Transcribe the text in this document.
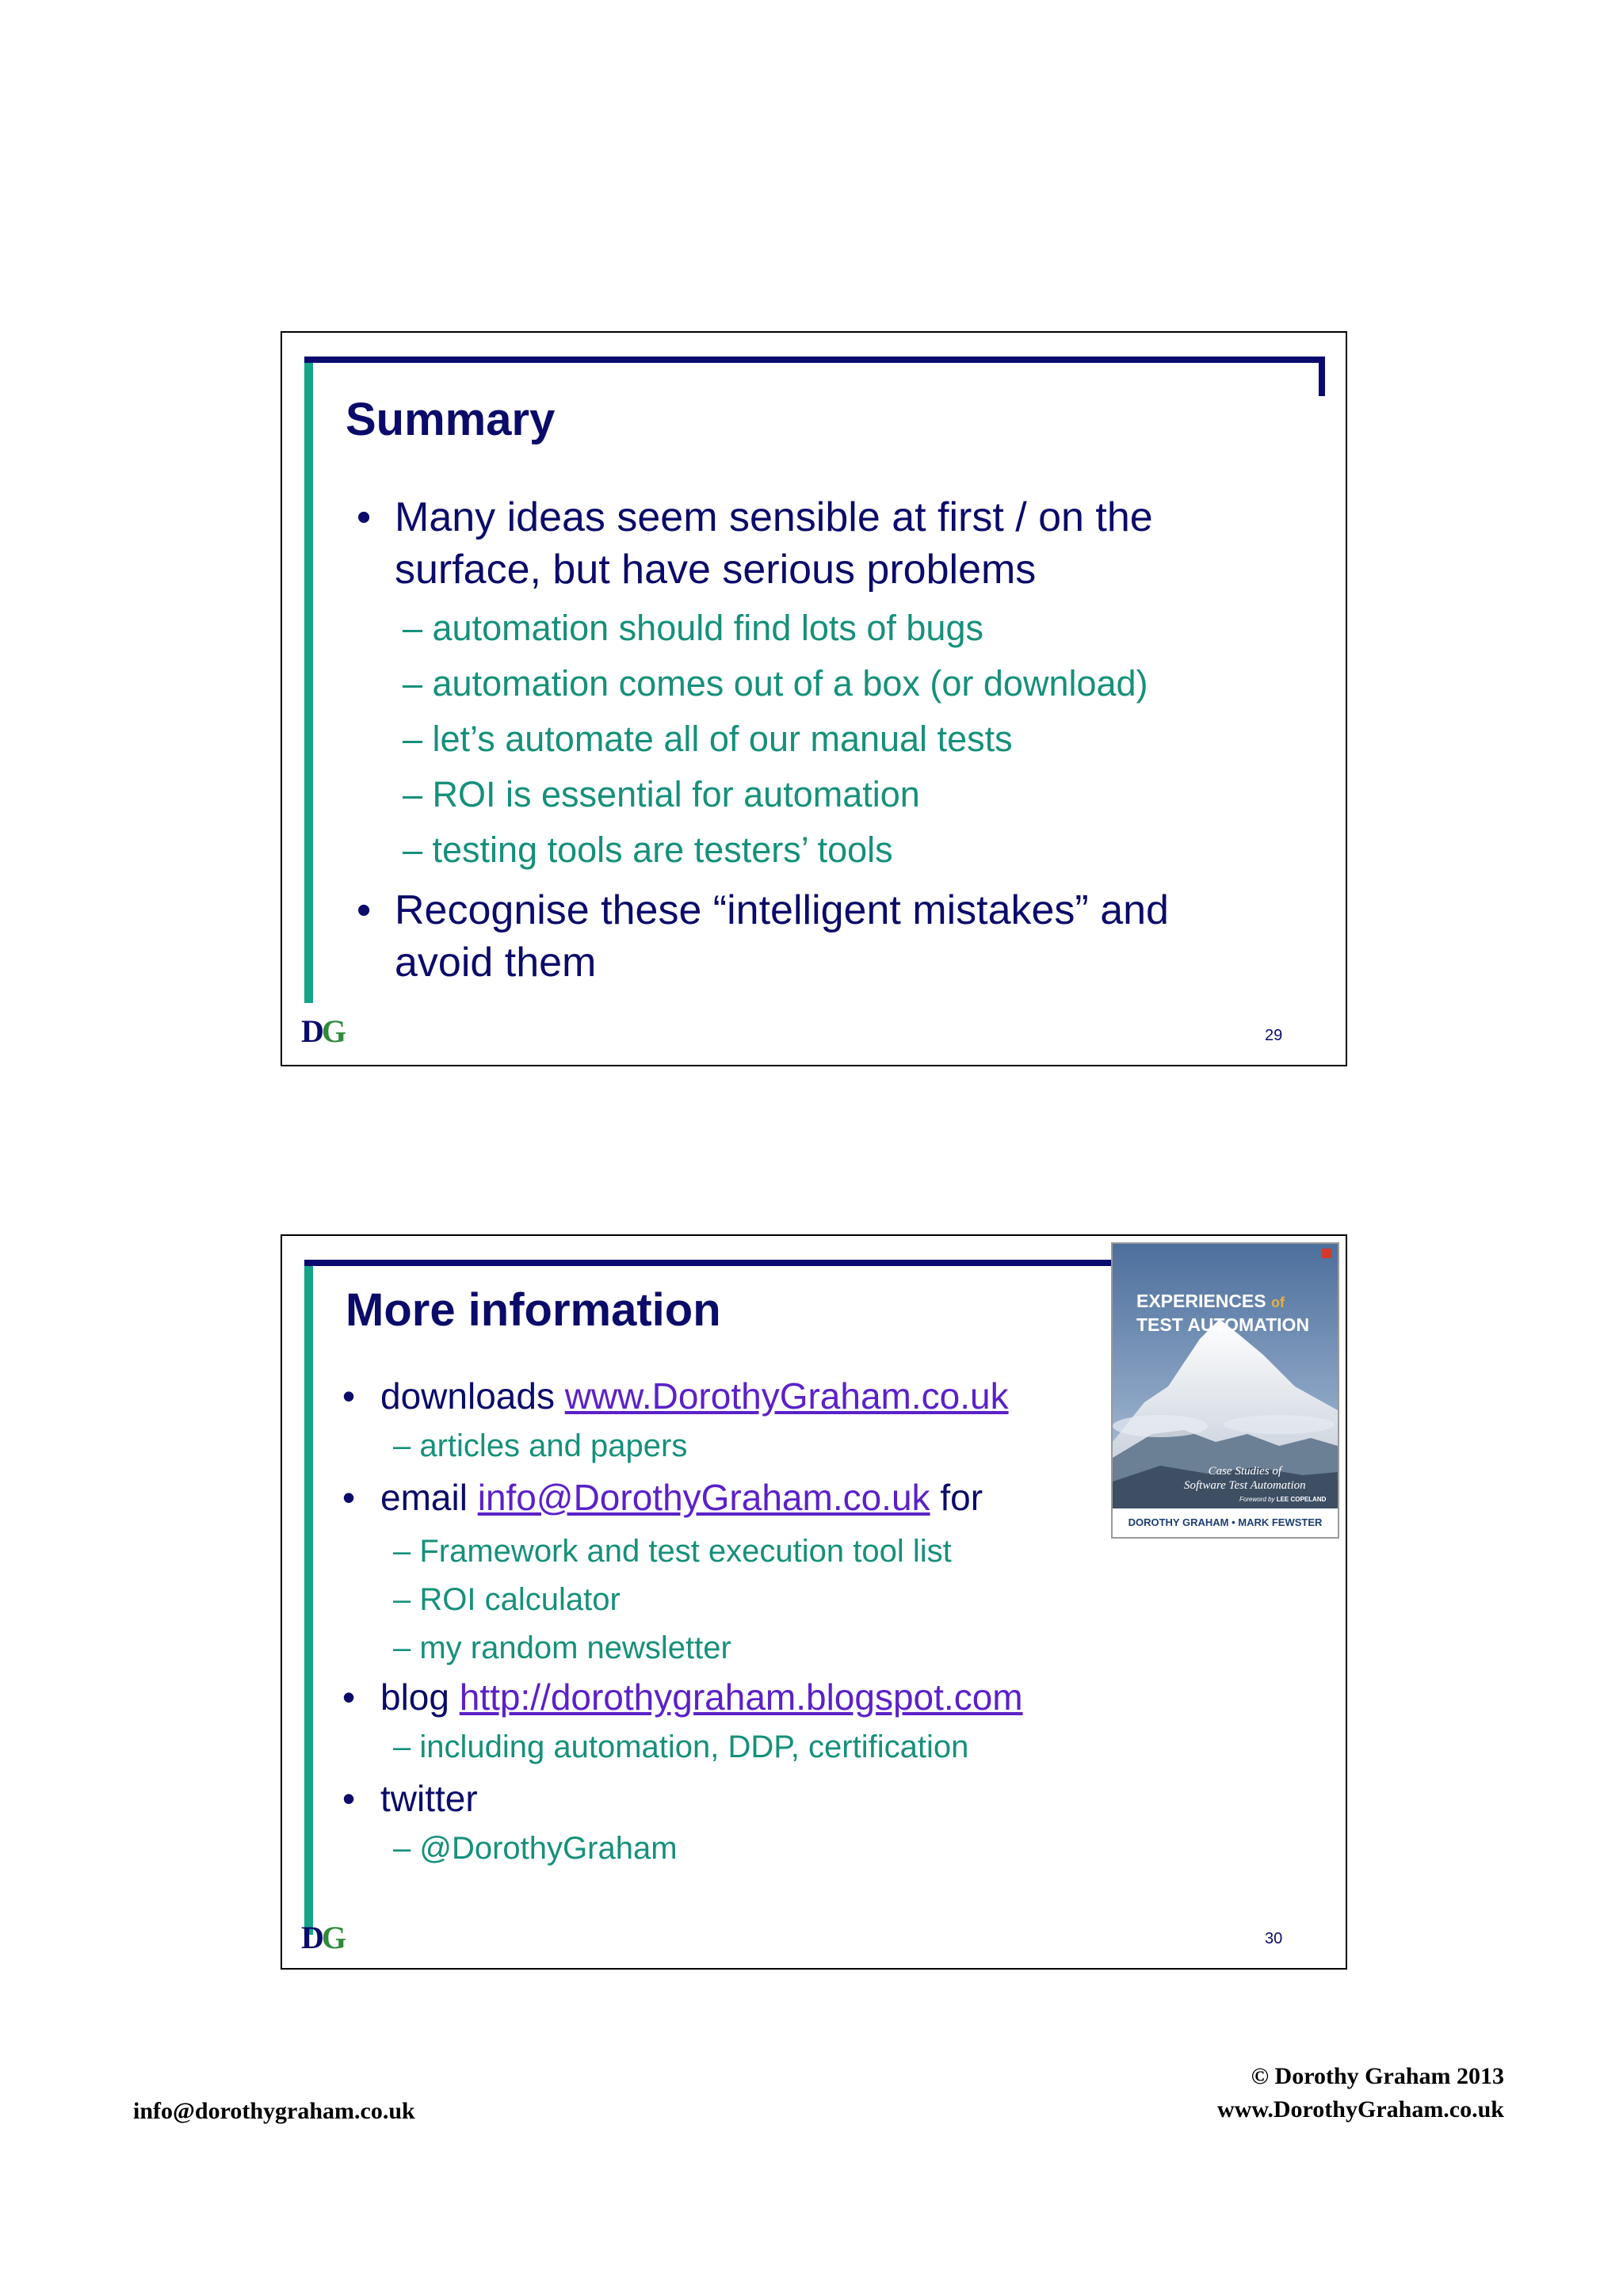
Summary
• Many ideas seem sensible at first / on the
surface, but have serious problems
– automation should find lots of bugs
– automation comes out of a box (or download)
– let’s automate all of our manual tests
– ROI is essential for automation
– testing tools are testers’ tools
• Recognise these “intelligent mistakes” and
avoid them
DG	29
More information
• downloads www.DorothyGraham.co.uk
– articles and papers
• email info@DorothyGraham.co.uk for
– Framework and test execution tool list
– ROI calculator
– my random newsletter
• blog http://dorothygraham.blogspot.com
– including automation, DDP, certification
• twitter
– @DorothyGraham
EXPERIENCES of
TEST AUTOMATION
Case Studies of
Software Test Automation
Foreword by LEE COPELAND
DOROTHY GRAHAM • MARK FEWSTER
DG	30
info@dorothygraham.co.uk
© Dorothy Graham 2013
www.DorothyGraham.co.uk
